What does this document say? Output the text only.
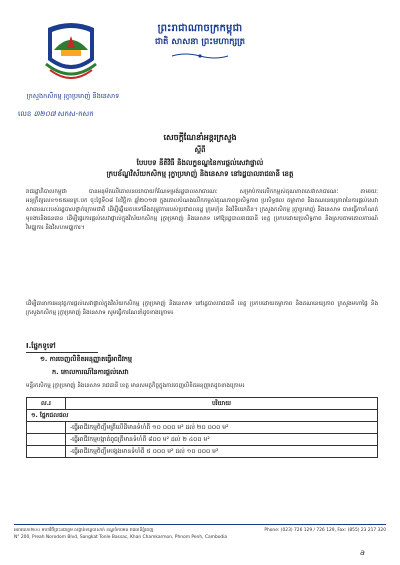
ក្រសួងកសិកម្ម រុក្ខាប្រមាញ់ និងនេសាទ
ព្រះរាជាណាចក្រកម្ពុជា
ជាតិ សាសនា ព្រះមហាក្សត្រ
លេខ ៣២០៧ សកស-កសក
សេចក្ដីណែនាំអន្តរក្រសួង
ស្ដីពី
បែបបទ នីតិវិធី និងលក្ខខណ្ឌនៃការផ្ដល់សេវាផ្ទាល់
ក្របខ័ណ្ឌវិស័យកសិកម្ម រុក្ខាប្រមាញ់ និងនេសាទ នៅរដ្ឋបាលរាជធានី ខេត្ត
រាជរដ្ឋាភិបាលកម្ពុជា បានអនុម័តលើគោលនយោបាយកំណែទម្រង់រដ្ឋបាលសាធារណៈ សម្រាប់ការលើកកម្ពស់គុណភាពសេវាសាធារណៈ តាមរយៈអនុក្រឹត្យលេខ១៥៥អនក្រ.បក ចុះថ្ងៃទី០៨ ខែវិច្ឆិកា ឆ្នាំ២០១៧ ក្នុងគោលបំណងលើកកម្ពស់គុណភាពប្រសិទ្ធភាព ប្រសិទ្ធផល តម្លាភាព និងគណនេយ្យភាពនៃការផ្ដល់សេវាសាធារណៈរបស់រដ្ឋបាលថ្នាក់ក្រោមជាតិ ដើម្បីឆ្លើយតបទៅនឹងតម្រូវការរបស់ប្រជាពលរដ្ឋ ក្រុមហ៊ុន និងវិនិយោគិន។ ក្រសួងកសិកម្ម រុក្ខាប្រមាញ់ និងនេសាទ បានធ្វើការកំណត់មុខងារនិងធនធាន ដើម្បីផ្ទេរការផ្ដល់សេវាផ្ទាល់ក្នុងវិស័យកសិកម្ម រុក្ខាប្រមាញ់ និងនេសាទ ទៅឱ្យរដ្ឋបាលរាជធានី ខេត្ត ប្រកបដោយប្រសិទ្ធភាព និងស្របតាមគោលការណ៍វិមជ្ឈការ និងវិសហមជ្ឈការ។
ដើម្បីធានាការអនុវត្តការផ្ដល់សេវាផ្ទាល់ក្នុងវិស័យកសិកម្ម រុក្ខាប្រមាញ់ និងនេសាទ នៅរដ្ឋបាលរាជធានី ខេត្ត ប្រកបដោយតម្លាភាព និងគណនេយ្យភាព ក្រសួងមហាផ្ទៃ និងក្រសួងកសិកម្ម រុក្ខាប្រមាញ់ និងនេសាទ សូមធ្វើការណែនាំដូចខាងក្រោម៖
I.ផ្នែកទូទៅ
១. ការចេញលិខិតអនុញ្ញាតធ្វើអាជីវកម្ម
ក. គោលការណ៍នៃការផ្ដល់សេវា
មន្ទីរកសិកម្ម រុក្ខាប្រមាញ់ និងនេសាទ រាជធានី ខេត្ត មានសមត្ថកិច្ចក្នុងការចេញលិខិតអនុញ្ញាតដូចខាងក្រោម៖
ល.រ	បរិយាយ
១. ផ្នែកជលផល	
	-ធ្វើអាជីវកម្មចិញ្ចឹមត្រីលើដីមានទំហំពី ១០ ០០០ ម² ដល់ ២០ ០០០ ម²
	-ធ្វើអាជីវកម្មបង្កាត់ពូជត្រីមានទំហំពី ៨០០ ម² ដល់ ២ ៤០០ ម²
	-ធ្វើអាជីវកម្មចិញ្ចឹមបង្កងមានទំហំពី ៥ ០០០ ម² ដល់ ១០ ០០០ ម²
អគារលេខ២០០ មហាវិថីព្រះនរោត្តម សង្កាត់ទន្លេបាសាក់ ខណ្ឌចំការមន រាជធានីភ្នំពេញ
N° 200, Preah Norodom Blvd, Sangkat Tonle Bassac, Khan Chamkarmon, Phnom Penh, Cambodia
Phone: (023) 726 129 / 726 129, Fax: (855) 23 217 320
a
